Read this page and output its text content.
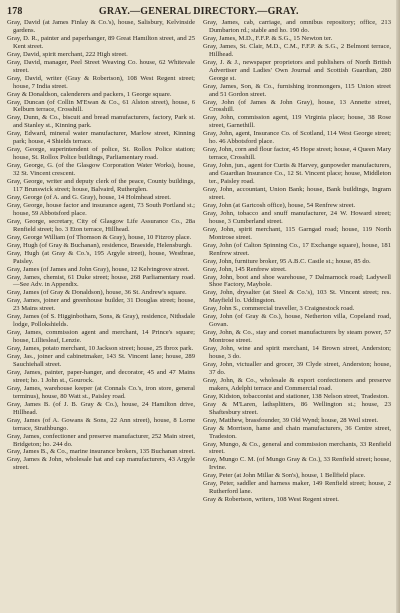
178	GRAY.—GENERAL DIRECTORY.—GRAY.

Gray, David (at James Finlay & Co.'s), house, Salisbury, Kelvinside gardens.

Gray, D. R., painter and paperhanger, 89 Great Hamilton street, and 25 Kent street.

Gray, David, spirit merchant, 222 High street.

Gray, David, manager, Peel Street Weaving Co. house, 62 Whitevale street.

Gray, David, writer (Gray & Robertson), 108 West Regent street; house, 7 India street.

Gray & Donaldson, calenderers and packers, 1 George square.

Gray, Duncan (of Collin M'Ewan & Co., 61 Alston street), house, 6 Kelburn terrace, Crosshill.

Gray, Dunn, & Co., biscuit and bread manufacturers, factory, Park st. and Stanley st., Kinning park.

Gray, Edward, mineral water manufacturer, Marlow street, Kinning park; house, 4 Shields terrace.

Gray, George, superintendent of police, St. Rollox Police station; house, St. Rollox Police buildings, Parliamentary road.

Gray, George, G. (of the Glasgow Corporation Water Works), house, 32 St. Vincent crescent.

Gray, George, writer and deputy clerk of the peace, County buildings, 117 Brunswick street; house, Balvaird, Rutherglen.

Gray, George (of A. and G. Gray), house, 14 Holmhead street.

Gray, George, house factor and insurance agent, 73 South Portland st.; house, 59 Abbotsford place.

Gray, George, secretary, City of Glasgow Life Assurance Co., 28a Renfield street; ho. 3 Eton terrace, Hillhead.

Gray, George William (of Thomson & Gray), house, 10 Fitzroy place.

Gray, Hugh (of Gray & Buchanan), residence, Braeside, Helensburgh.

Gray, Hugh (at Gray & Co.'s, 195 Argyle street), house, Westbrae, Paisley.

Gray, James (of James and John Gray), house, 12 Kelvingrove street.

Gray, James, chemist, 61 Duke street; house, 268 Parliamentary road.—See Adv. in Appendix.

Gray, James (of Gray & Donaldson), house, 36 St. Andrew's square.

Gray, James, joiner and greenhouse builder, 31 Douglas street; house, 23 Mains street.

Gray, James (of S. Higginbotham, Sons, & Gray), residence, Nithsdale lodge, Pollokshields.

Gray, James, commission agent and merchant, 14 Prince's square; house, Lilliesleaf, Lenzie.

Gray, James, potato merchant, 10 Jackson street; house, 25 Ibrox park.

Gray, Jas., joiner and cabinetmaker, 143 St. Vincent lane; house, 289 Sauchiehall street.

Gray, James, painter, paper-hanger, and decorator, 45 and 47 Mains street; ho. 1 John st., Gourock.

Gray, James, warehouse keeper (at Connals Co.'s, iron store, general terminus), house, 80 Watt st., Paisley road.

Gray, James B. (of J. B. Gray & Co.), house, 24 Hamilton drive, Hillhead.

Gray, James (of A. Gowans & Sons, 22 Ann street), house, 8 Lorne terrace, Strathbungo.

Gray, James, confectioner and preserve manufacturer, 252 Main street, Bridgeton; ho. 244 do.

Gray, James B., & Co., marine insurance brokers, 135 Buchanan street.

Gray, James & John, wholesale hat and cap manufacturers, 43 Argyle street.

Gray, James, cab, carriage, and omnibus repository; office, 213 Dumbarton rd.; stable and ho. 190 do.

Gray, James, M.D., F.F.P. & S.G., 15 Newton ter.

Gray, James, St. Clair, M.D., C.M., F.F.P. & S.G., 2 Belmont terrace, Hillhead.

Gray, J. & J., newspaper proprietors and publishers of North British Advertiser and Ladies' Own Journal and Scottish Guardian, 280 George st.

Gray, James, Son, & Co., furnishing ironmongers, 115 Union street and 51 Gordon street.

Gray, John (of James & John Gray), house, 13 Annette street, Crosshill.

Gray, John, commission agent, 119 Virginia place; house, 38 Rose street, Garnethill.

Gray, John, agent, Insurance Co. of Scotland, 114 West George street; ho. 46 Abbotsford place.

Gray, John, corn and flour factor, 45 Hope street; house, 4 Queen Mary terrace, Crosshill.

Gray, John, jun., agent for Curtis & Harvey, gunpowder manufacturers, and Guardian Insurance Co., 12 St. Vincent place; house, Middleton ter., Paisley road.

Gray, John, accountant, Union Bank; house, Bank buildings, Ingram street.

Gray, John (at Gartcosh office), house, 54 Renfrew street.

Gray, John, tobacco and snuff manufacturer, 24 W. Howard street; house, 3 Cumberland street.

Gray, John, spirit merchant, 115 Garngad road; house, 119 North Montrose street.

Gray, John (of Calton Spinning Co., 17 Exchange square), house, 181 Renfrew street.

Gray, John, furniture broker, 95 A.B.C. Castle st.; house, 85 do.

Gray, John, 145 Renfrew street.

Gray, John, boot and shoe warehouse, 7 Dalmarnock road; Ladywell Shoe Factory, Maybole.

Gray, John, drysalter (at Steel & Co.'s), 103 St. Vincent street; res. Mayfield lo. Uddingston.

Gray, John S., commercial traveller, 3 Craignestock road.

Gray, John (of Gray & Co.), house, Netherton villa, Copeland road, Govan.

Gray, John, & Co., stay and corset manufacturers by steam power, 57 Montrose street.

Gray, John, wine and spirit merchant, 14 Brown street, Anderston; house, 3 do.

Gray, John, victualler and grocer, 39 Clyde street, Anderston; house, 37 do.

Gray, John, & Co., wholesale & export confectioners and preserve makers, Adelphi terrace and Commercial road.

Gray, Kidston, tobacconist and stationer, 138 Nelson street, Tradeston.

Gray & M'Laren, lathsplitters, 86 Wellington st.; house, 23 Shaftesbury street.

Gray, Matthew, brassfounder, 39 Old Wynd; house, 28 Weil street.

Gray & Morrison, hame and chain manufacturers, 36 Centre street, Tradeston.

Gray, Mungo, & Co., general and commission merchants, 33 Renfield street.

Gray, Mungo C. M. (of Mungo Gray & Co.), 33 Renfield street; house, Irvine.

Gray, Peter (at John Millar & Son's), house, 1 Bellfield place.

Gray, Peter, saddler and harness maker, 149 Renfield street; house, 2 Rutherford lane.

Gray & Robertson, writers, 108 West Regent street.
